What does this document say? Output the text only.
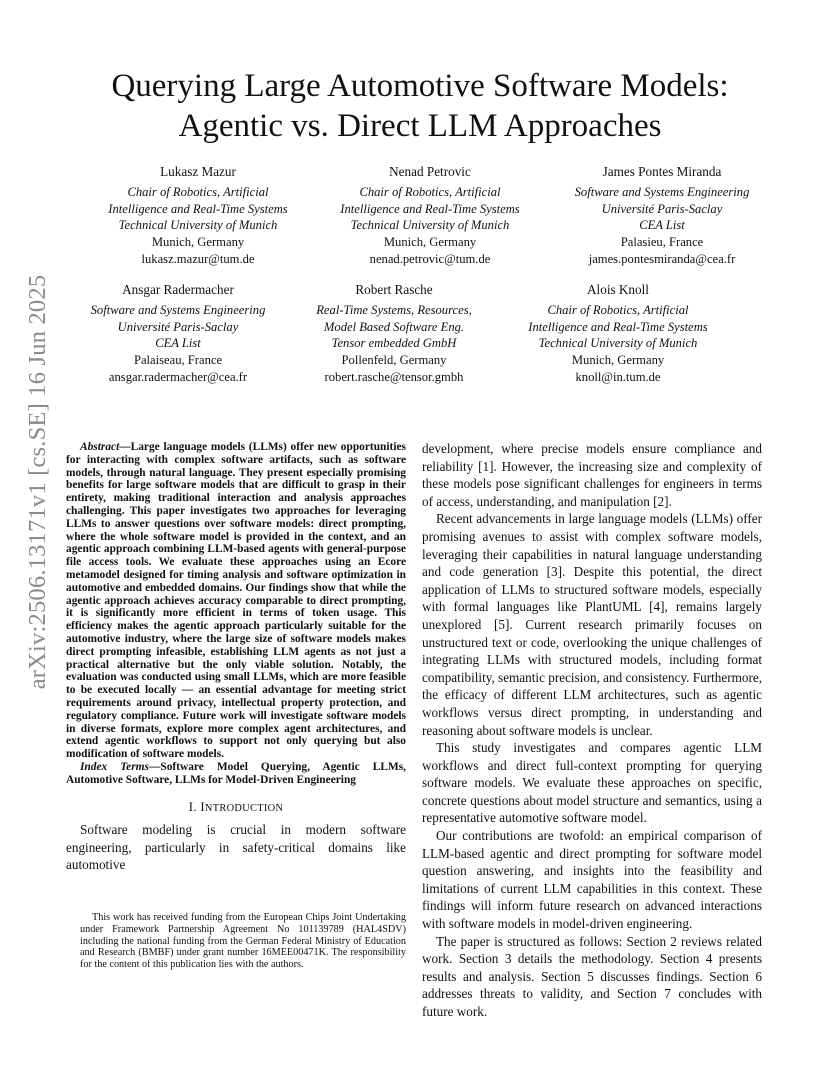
arXiv:2506.13171v1 [cs.SE] 16 Jun 2025
Querying Large Automotive Software Models:
Agentic vs. Direct LLM Approaches
Lukasz Mazur
Chair of Robotics, Artificial
Intelligence and Real-Time Systems
Technical University of Munich
Munich, Germany
lukasz.mazur@tum.de
Nenad Petrovic
Chair of Robotics, Artificial
Intelligence and Real-Time Systems
Technical University of Munich
Munich, Germany
nenad.petrovic@tum.de
James Pontes Miranda
Software and Systems Engineering
Université Paris-Saclay
CEA List
Palasieu, France
james.pontesmiranda@cea.fr
Ansgar Radermacher
Software and Systems Engineering
Université Paris-Saclay
CEA List
Palaiseau, France
ansgar.radermacher@cea.fr
Robert Rasche
Real-Time Systems, Resources,
Model Based Software Eng.
Tensor embedded GmbH
Pollenfeld, Germany
robert.rasche@tensor.gmbh
Alois Knoll
Chair of Robotics, Artificial
Intelligence and Real-Time Systems
Technical University of Munich
Munich, Germany
knoll@in.tum.de

Abstract—Large language models (LLMs) offer new opportunities for interacting with complex software artifacts, such as software models, through natural language. They present especially promising benefits for large software models that are difficult to grasp in their entirety, making traditional interaction and analysis approaches challenging. This paper investigates two approaches for leveraging LLMs to answer questions over software models: direct prompting, where the whole software model is provided in the context, and an agentic approach combining LLM-based agents with general-purpose file access tools. We evaluate these approaches using an Ecore metamodel designed for timing analysis and software optimization in automotive and embedded domains. Our findings show that while the agentic approach achieves accuracy comparable to direct prompting, it is significantly more efficient in terms of token usage. This efficiency makes the agentic approach particularly suitable for the automotive industry, where the large size of software models makes direct prompting infeasible, establishing LLM agents as not just a practical alternative but the only viable solution. Notably, the evaluation was conducted using small LLMs, which are more feasible to be executed locally — an essential advantage for meeting strict requirements around privacy, intellectual property protection, and regulatory compliance. Future work will investigate software models in diverse formats, explore more complex agent architectures, and extend agentic workflows to support not only querying but also modification of software models.

Index Terms—Software Model Querying, Agentic LLMs, Automotive Software, LLMs for Model-Driven Engineering

I. INTRODUCTION

Software modeling is crucial in modern software engineering, particularly in safety-critical domains like automotive

This work has received funding from the European Chips Joint Undertaking under Framework Partnership Agreement No 101139789 (HAL4SDV) including the national funding from the German Federal Ministry of Education and Research (BMBF) under grant number 16MEE00471K. The responsibility for the content of this publication lies with the authors.

development, where precise models ensure compliance and reliability [1]. However, the increasing size and complexity of these models pose significant challenges for engineers in terms of access, understanding, and manipulation [2].

Recent advancements in large language models (LLMs) offer promising avenues to assist with complex software models, leveraging their capabilities in natural language understanding and code generation [3]. Despite this potential, the direct application of LLMs to structured software models, especially with formal languages like PlantUML [4], remains largely unexplored [5]. Current research primarily focuses on unstructured text or code, overlooking the unique challenges of integrating LLMs with structured models, including format compatibility, semantic precision, and consistency. Furthermore, the efficacy of different LLM architectures, such as agentic workflows versus direct prompting, in understanding and reasoning about software models is unclear.

This study investigates and compares agentic LLM workflows and direct full-context prompting for querying software models. We evaluate these approaches on specific, concrete questions about model structure and semantics, using a representative automotive software model.

Our contributions are twofold: an empirical comparison of LLM-based agentic and direct prompting for software model question answering, and insights into the feasibility and limitations of current LLM capabilities in this context. These findings will inform future research on advanced interactions with software models in model-driven engineering.

The paper is structured as follows: Section 2 reviews related work. Section 3 details the methodology. Section 4 presents results and analysis. Section 5 discusses findings. Section 6 addresses threats to validity, and Section 7 concludes with future work.
